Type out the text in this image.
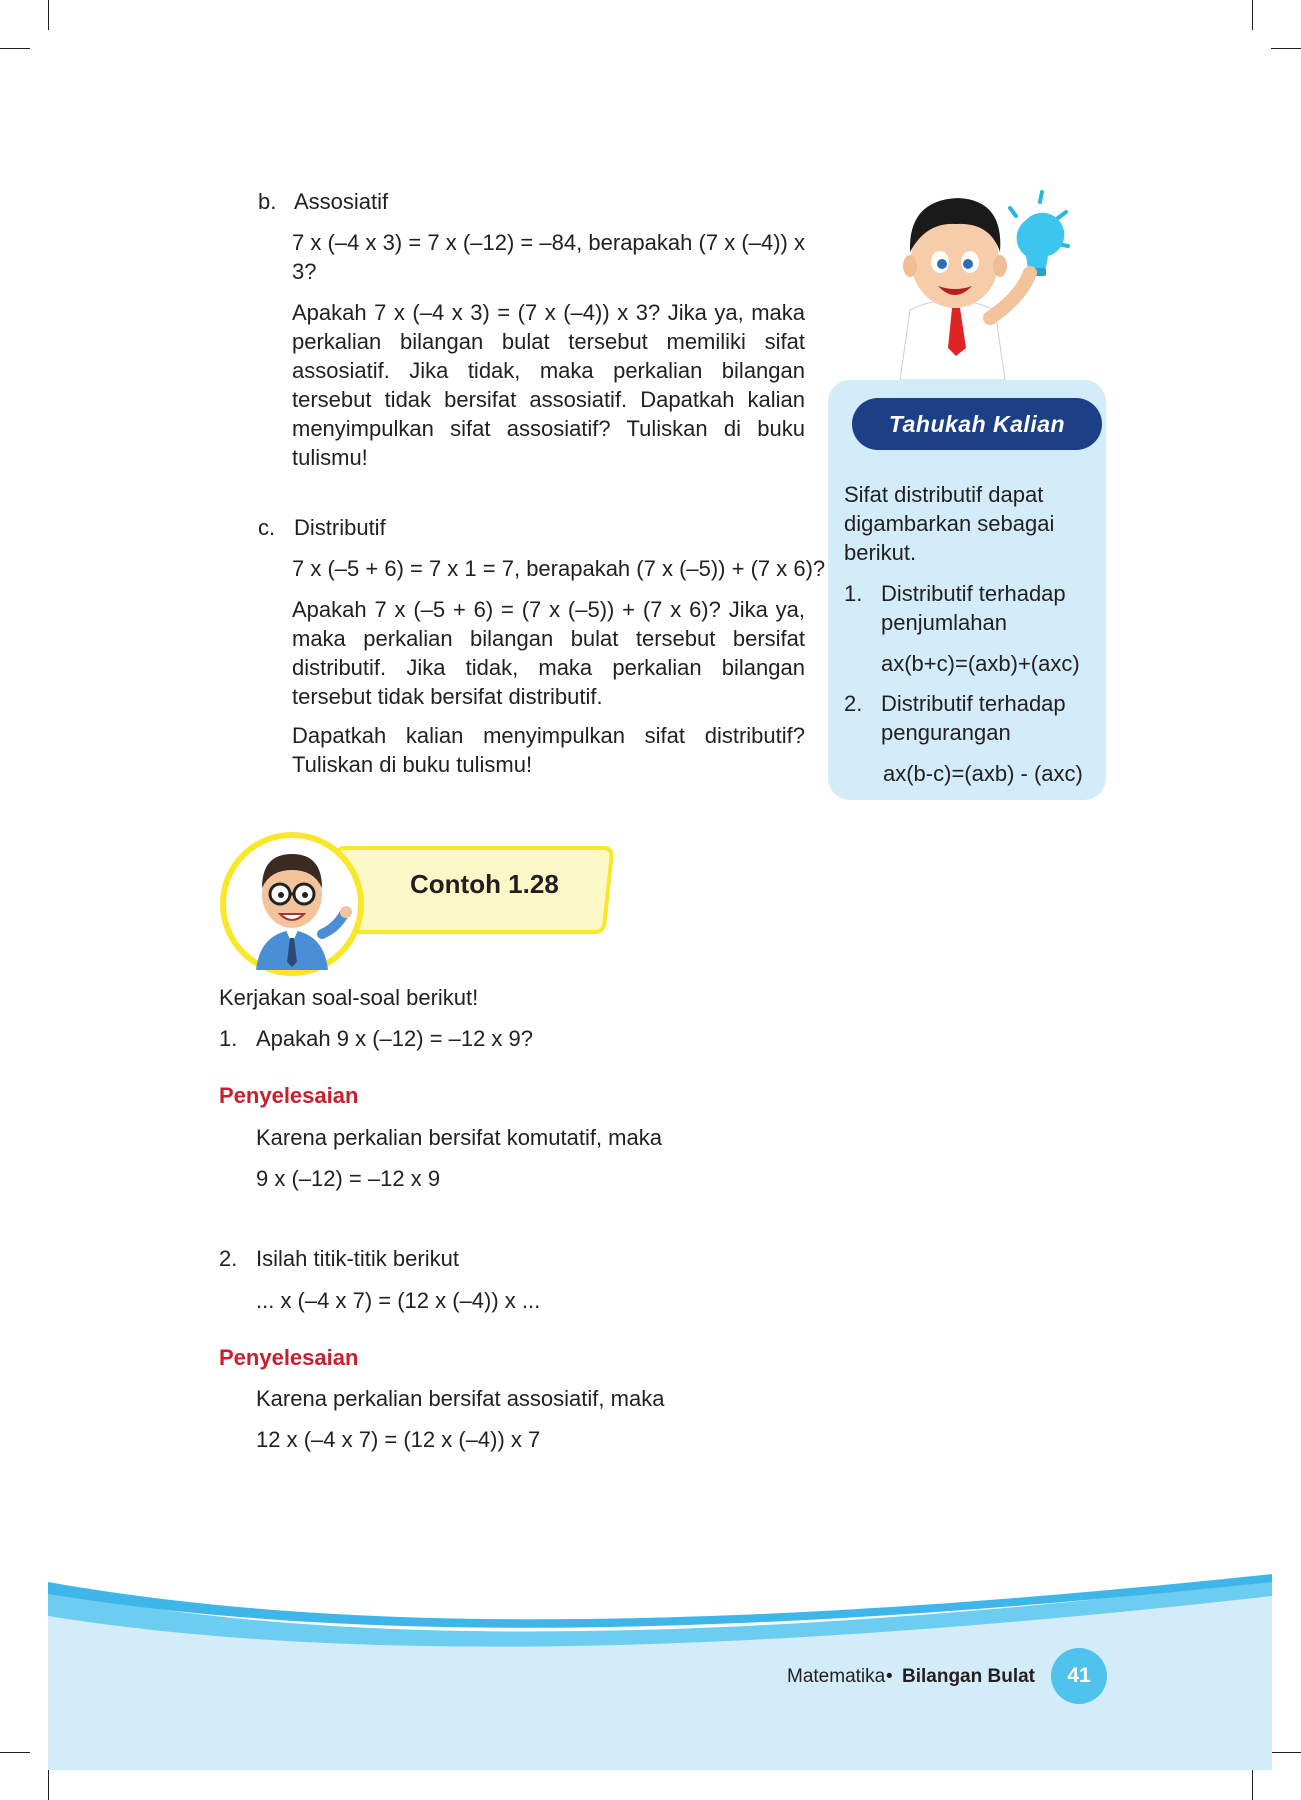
b. Assosiatif
7 x (–4 x 3) = 7 x (–12) = –84, berapakah (7 x (–4)) x 3?
Apakah 7 x (–4 x 3) = (7 x (–4)) x 3? Jika ya, maka perkalian bilangan bulat tersebut memiliki sifat assosiatif. Jika tidak, maka perkalian bilangan tersebut tidak bersifat assosiatif. Dapatkah kalian menyimpulkan sifat assosiatif? Tuliskan di buku tulismu!
c. Distributif
7 x (–5 + 6) = 7 x 1 = 7, berapakah (7 x (–5)) + (7 x 6)?
Apakah 7 x (–5 + 6) = (7 x (–5)) + (7 x 6)? Jika ya, maka perkalian bilangan bulat tersebut bersifat distributif. Jika tidak, maka perkalian bilangan tersebut tidak bersifat distributif.
Dapatkah kalian menyimpulkan sifat distributif? Tuliskan di buku tulismu!
Tahukah Kalian
Sifat distributif dapat digambarkan sebagai berikut.
1. Distributif terhadap penjumlahan
ax(b+c)=(axb)+(axc)
2. Distributif terhadap pengurangan
ax(b-c)=(axb) - (axc)
Contoh 1.28
Kerjakan soal-soal berikut!
1. Apakah 9 x (–12) = –12 x 9?
Penyelesaian
Karena perkalian bersifat komutatif, maka
9 x (–12) = –12 x 9
2. Isilah titik-titik berikut
... x (–4 x 7) = (12 x (–4)) x ...
Penyelesaian
Karena perkalian bersifat assosiatif, maka
12 x (–4 x 7) = (12 x (–4)) x 7
Matematika • Bilangan Bulat	41
